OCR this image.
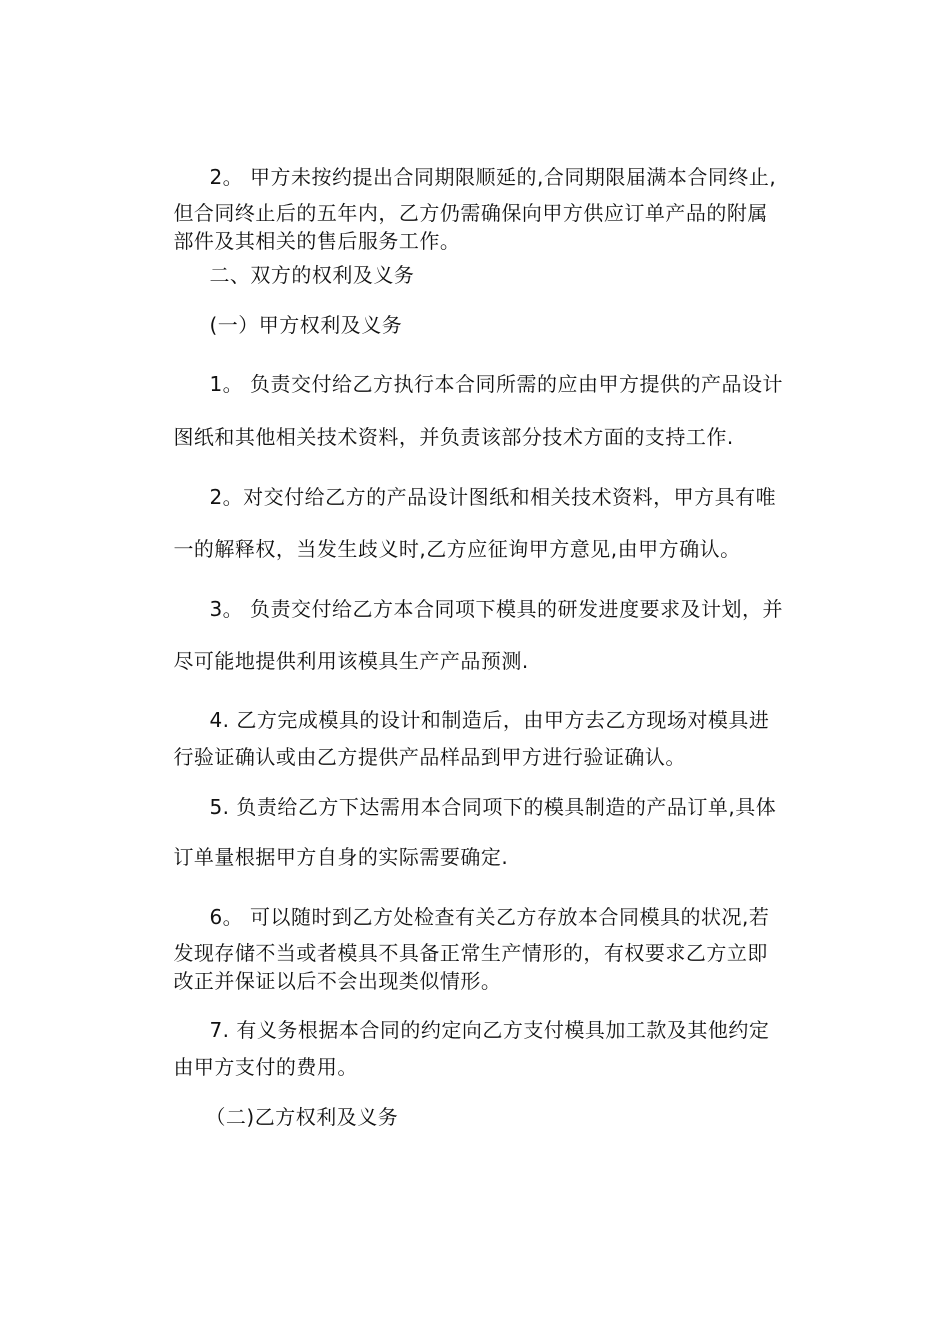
2。 甲方未按约提出合同期限顺延的,合同期限届满本合同终止,

但合同终止后的五年内，乙方仍需确保向甲方供应订单产品的附属

部件及其相关的售后服务工作。

二、双方的权利及义务

(一）甲方权利及义务

1。 负责交付给乙方执行本合同所需的应由甲方提供的产品设计

图纸和其他相关技术资料，并负责该部分技术方面的支持工作.

2。对交付给乙方的产品设计图纸和相关技术资料，甲方具有唯

一的解释权，当发生歧义时,乙方应征询甲方意见,由甲方确认。

3。 负责交付给乙方本合同项下模具的研发进度要求及计划，并

尽可能地提供利用该模具生产产品预测.

4. 乙方完成模具的设计和制造后，由甲方去乙方现场对模具进

行验证确认或由乙方提供产品样品到甲方进行验证确认。

5. 负责给乙方下达需用本合同项下的模具制造的产品订单,具体

订单量根据甲方自身的实际需要确定.

6。 可以随时到乙方处检查有关乙方存放本合同模具的状况,若

发现存储不当或者模具不具备正常生产情形的，有权要求乙方立即

改正并保证以后不会出现类似情形。

7. 有义务根据本合同的约定向乙方支付模具加工款及其他约定

由甲方支付的费用。

（二)乙方权利及义务
